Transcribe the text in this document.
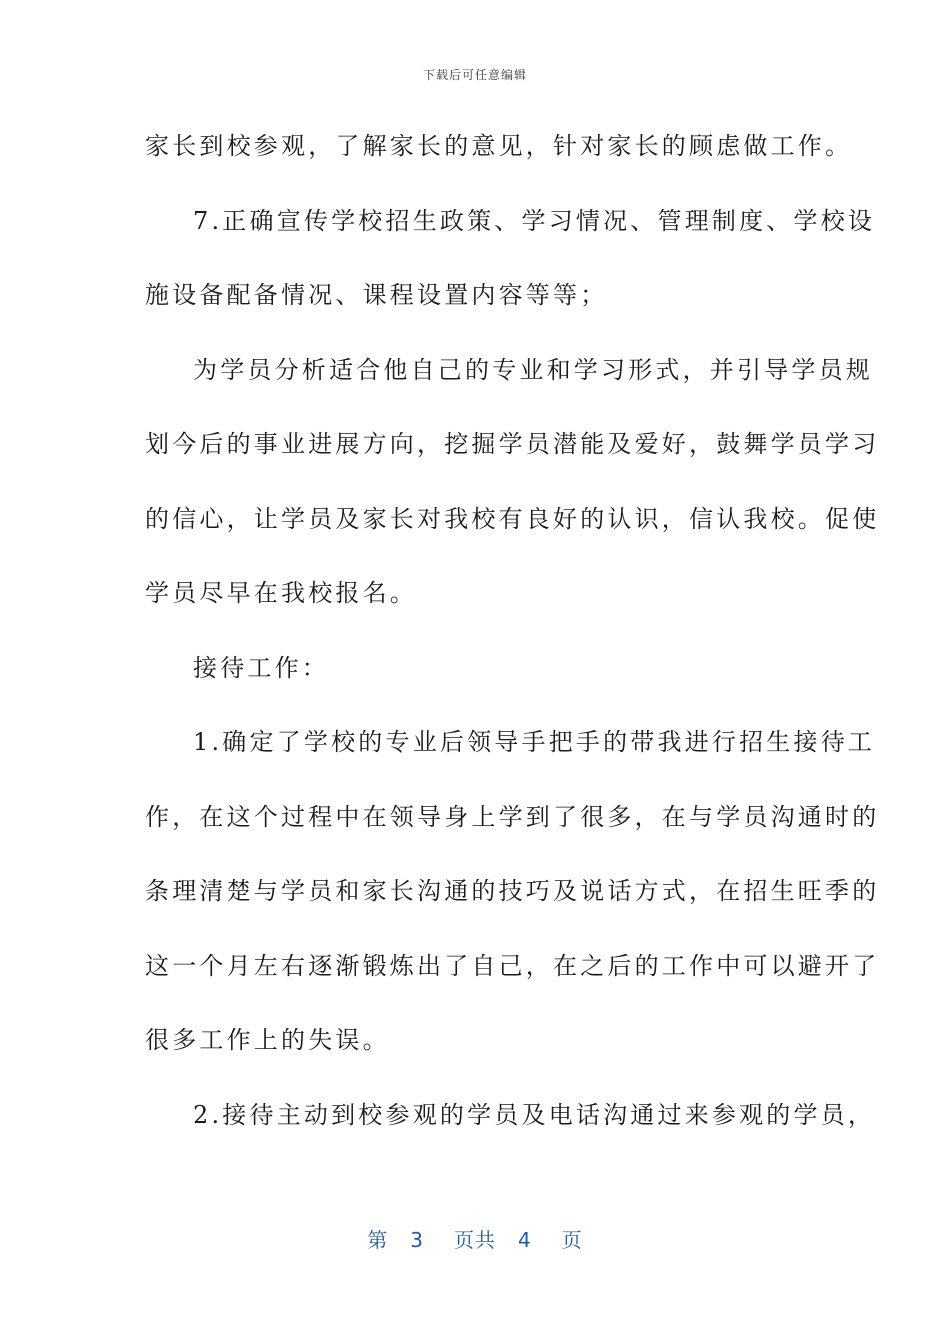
下载后可任意编辑
家长到校参观，了解家长的意见，针对家长的顾虑做工作。
7.正确宣传学校招生政策、学习情况、管理制度、学校设
施设备配备情况、课程设置内容等等；
为学员分析适合他自己的专业和学习形式，并引导学员规
划今后的事业进展方向，挖掘学员潜能及爱好，鼓舞学员学习
的信心，让学员及家长对我校有良好的认识，信认我校。促使
学员尽早在我校报名。
接待工作：
1.确定了学校的专业后领导手把手的带我进行招生接待工
作，在这个过程中在领导身上学到了很多，在与学员沟通时的
条理清楚与学员和家长沟通的技巧及说话方式，在招生旺季的
这一个月左右逐渐锻炼出了自己，在之后的工作中可以避开了
很多工作上的失误。
2.接待主动到校参观的学员及电话沟通过来参观的学员，
第 3 页共 4 页
